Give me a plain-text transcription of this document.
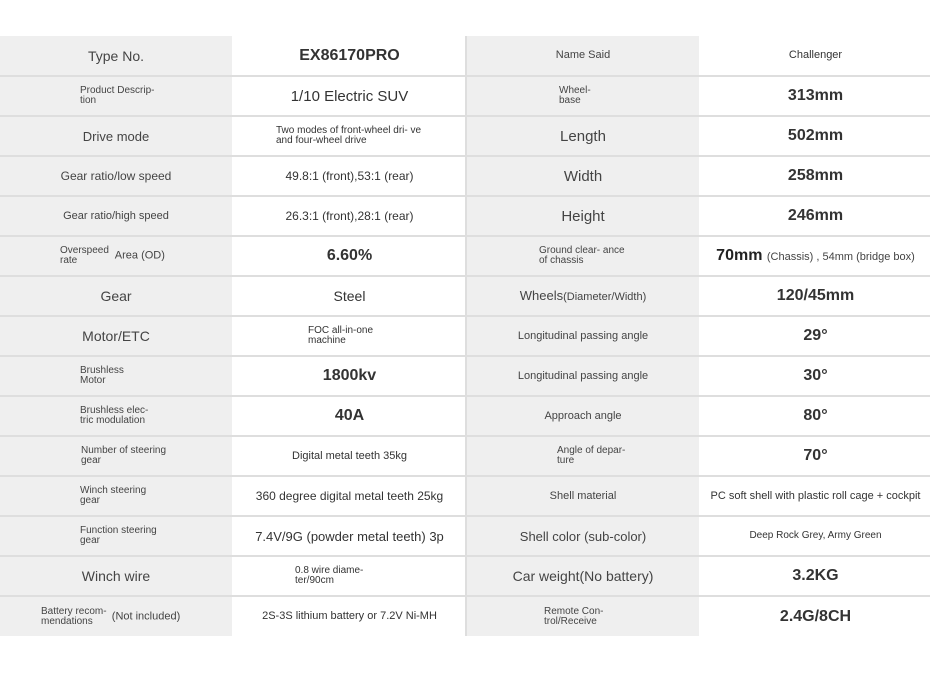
Type No.	EX86170PRO	Name Said	Challenger

Product Descrip- tion	1/10 Electric SUV	Wheel- base	313mm
Drive mode	Two modes of front-wheel dri- ve and four-wheel drive	Length	502mm
Gear ratio/low speed	49.8:1 (front),53:1 (rear)	Width	258mm
Gear ratio/high speed	26.3:1 (front),28:1 (rear)	Height	246mm
Overspeed rate Area (OD)	6.60%	Ground clear- ance of chassis	70mm (Chassis) , 54mm (bridge box)
Gear	Steel	Wheels(Diameter/Width)	120/45mm
Motor/ETC	FOC all-in-one machine	Longitudinal passing angle	29°

Brushless Motor	1800kv	Longitudinal passing angle	30°

Brushless elec- tric modulation	40A	Approach angle	80°

Number of steering gear	Digital metal teeth 35kg	Angle of depar- ture	70°

Winch steering gear	360 degree digital metal teeth 25kg	Shell material	PC soft shell with plastic roll cage + cockpit

Function steering gear	7.4V/9G (powder metal teeth) 3p	Shell color (sub-color)	Deep Rock Grey, Army Green
Winch wire	0.8 wire diame- ter/90cm	Car weight(No battery)	3.2KG
Battery recom- mendations (Not included)	2S-3S lithium battery or 7.2V Ni-MH	Remote Con- trol/Receive	2.4G/8CH
